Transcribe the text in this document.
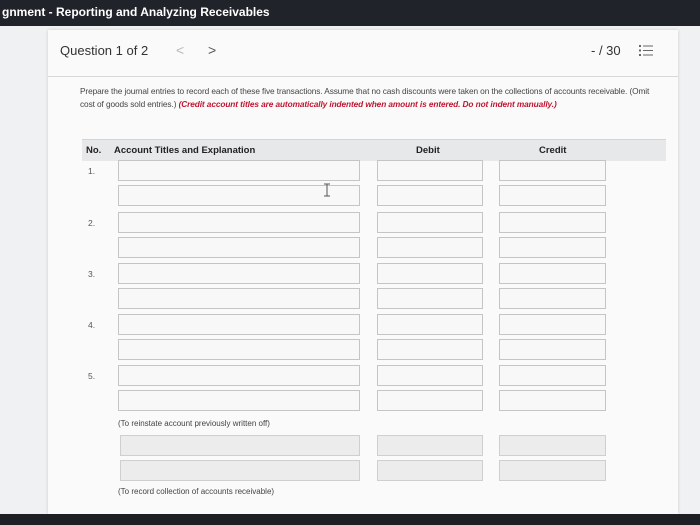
gnment - Reporting and Analyzing Receivables
Question 1 of 2 < >	- / 30
Prepare the journal entries to record each of these five transactions. Assume that no cash discounts were taken on the collections of accounts receivable. (Omit cost of goods sold entries.) (Credit account titles are automatically indented when amount is entered. Do not indent manually.)
No. Account Titles and Explanation	Debit	Credit
1.
2.
3.
4.
5.
(To reinstate account previously written off)
(To record collection of accounts receivable)
